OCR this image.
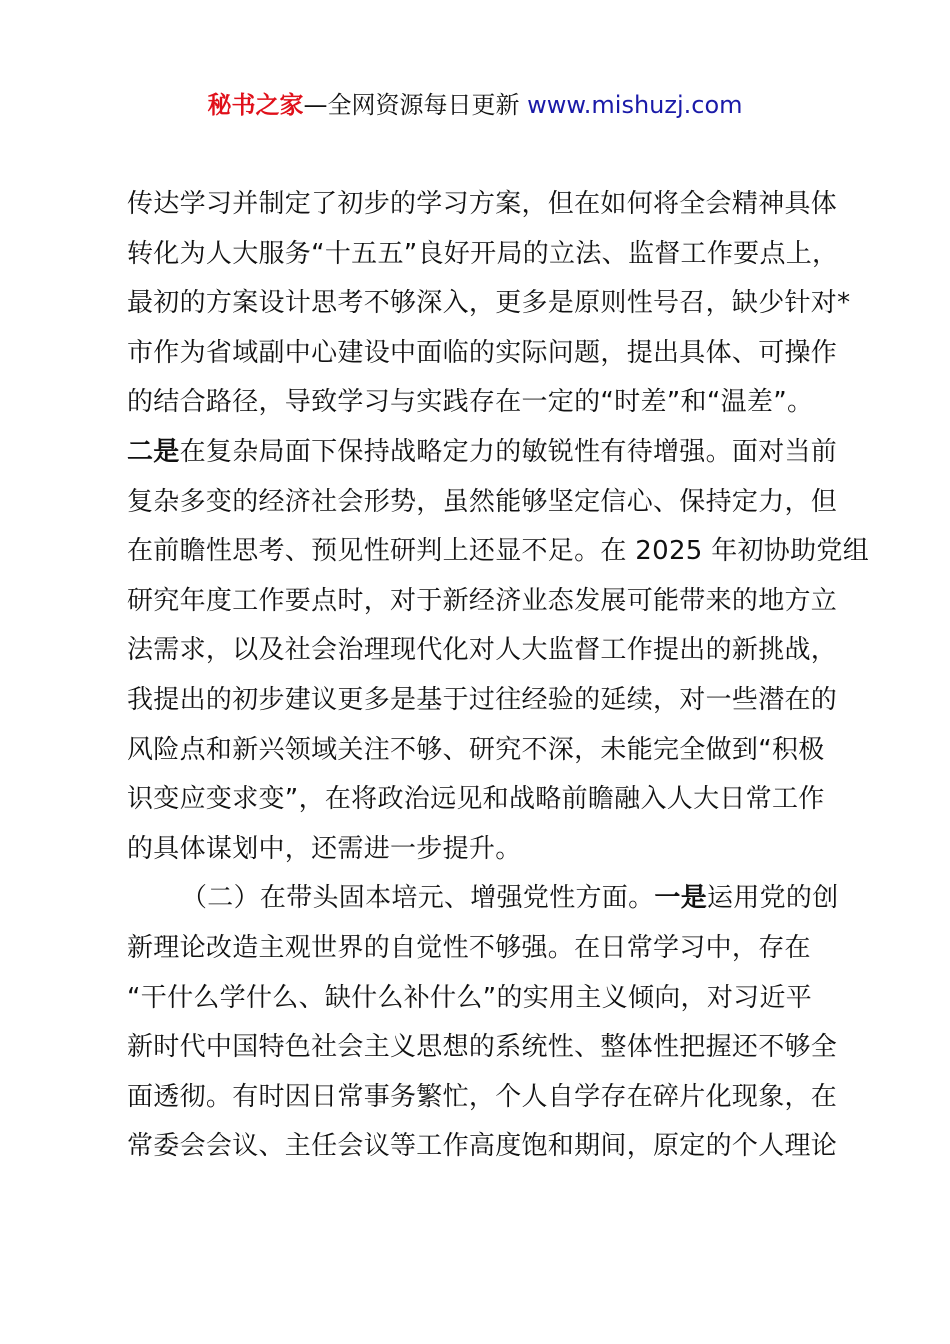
秘书之家—全网资源每日更新 www.mishuzj.com
传达学习并制定了初步的学习方案，但在如何将全会精神具体
转化为人大服务“十五五”良好开局的立法、监督工作要点上，
最初的方案设计思考不够深入，更多是原则性号召，缺少针对*
市作为省域副中心建设中面临的实际问题，提出具体、可操作
的结合路径，导致学习与实践存在一定的“时差”和“温差”。
二是在复杂局面下保持战略定力的敏锐性有待增强。面对当前
复杂多变的经济社会形势，虽然能够坚定信心、保持定力，但
在前瞻性思考、预见性研判上还显不足。在 2025 年初协助党组
研究年度工作要点时，对于新经济业态发展可能带来的地方立
法需求，以及社会治理现代化对人大监督工作提出的新挑战，
我提出的初步建议更多是基于过往经验的延续，对一些潜在的
风险点和新兴领域关注不够、研究不深，未能完全做到“积极
识变应变求变”，在将政治远见和战略前瞻融入人大日常工作
的具体谋划中，还需进一步提升。
（二）在带头固本培元、增强党性方面。一是运用党的创
新理论改造主观世界的自觉性不够强。在日常学习中，存在
“干什么学什么、缺什么补什么”的实用主义倾向，对习近平
新时代中国特色社会主义思想的系统性、整体性把握还不够全
面透彻。有时因日常事务繁忙，个人自学存在碎片化现象，在
常委会会议、主任会议等工作高度饱和期间，原定的个人理论
